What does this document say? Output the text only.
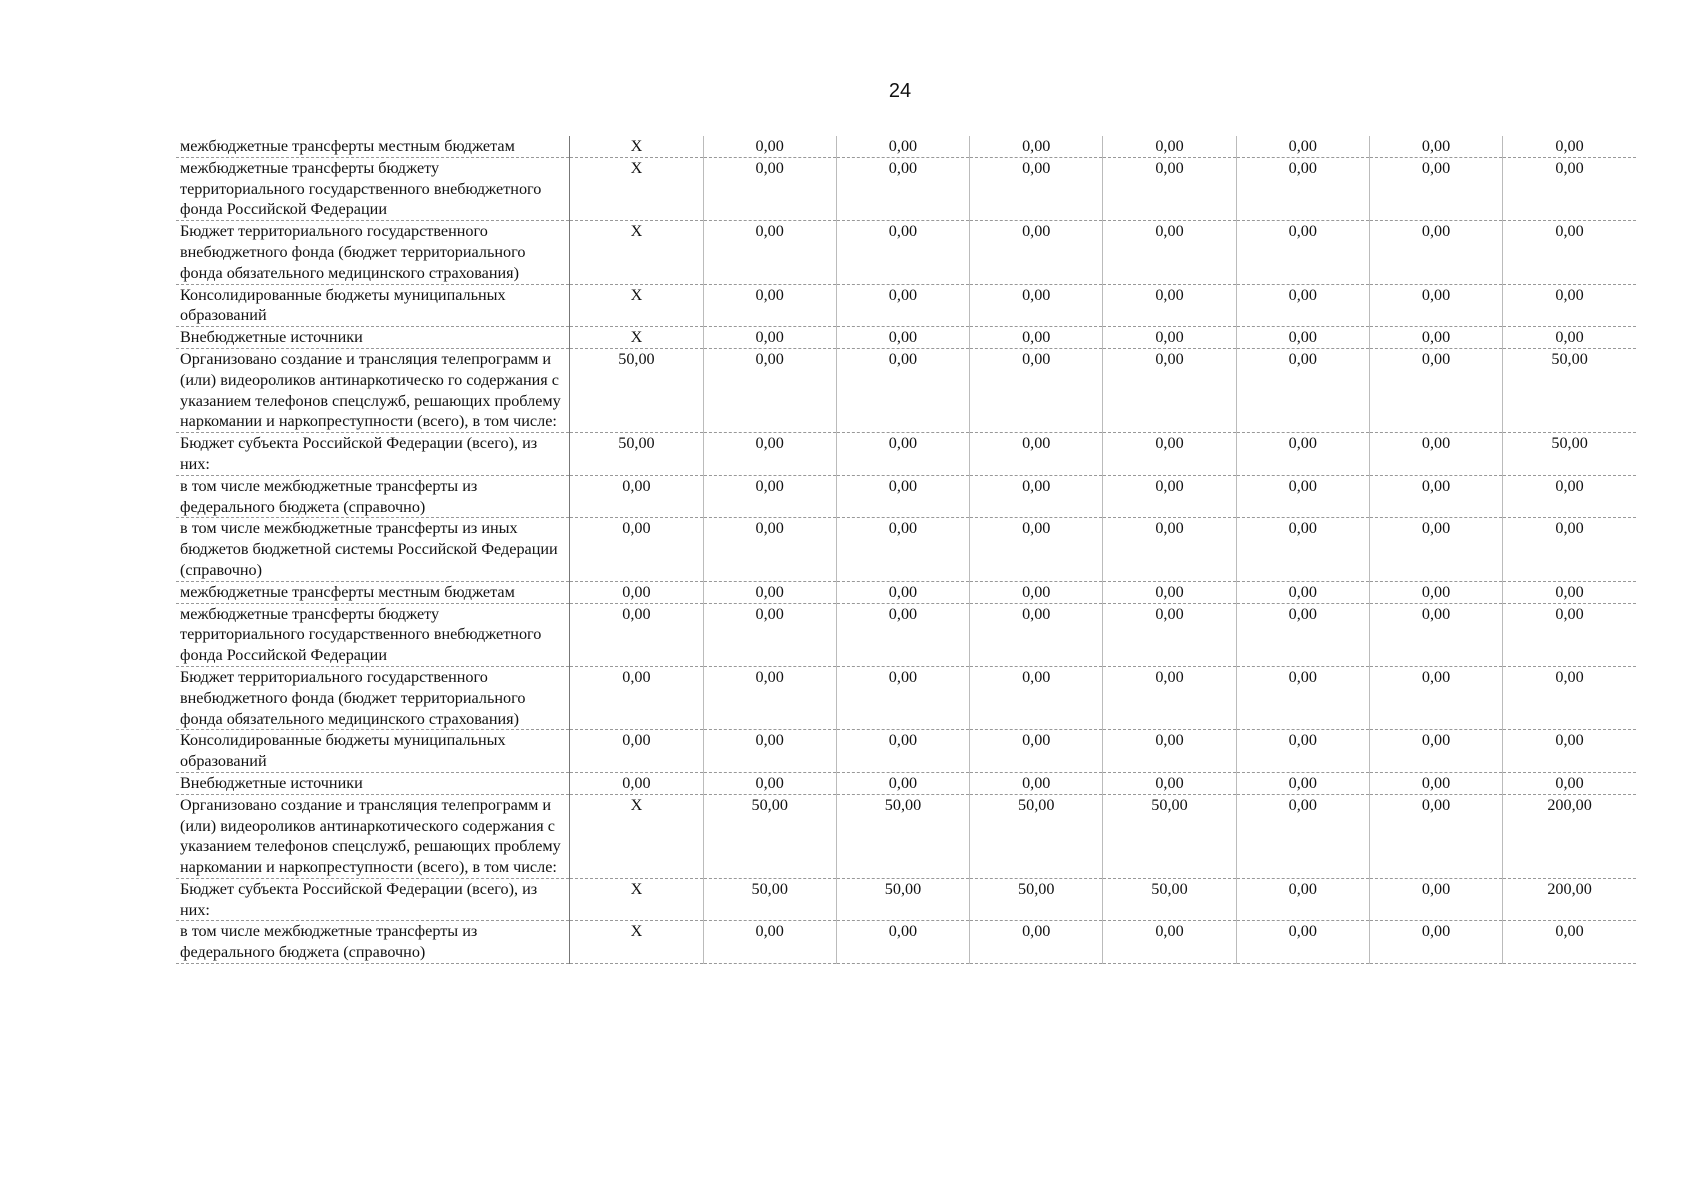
24
межбюджетные трансферты местным бюджетам	X	0,00	0,00	0,00	0,00	0,00	0,00	0,00
межбюджетные трансферты бюджету территориального государственного внебюджетного фонда Российской Федерации	X	0,00	0,00	0,00	0,00	0,00	0,00	0,00
Бюджет территориального государственного внебюджетного фонда (бюджет территориального фонда обязательного медицинского страхования)	X	0,00	0,00	0,00	0,00	0,00	0,00	0,00
Консолидированные бюджеты муниципальных образований	X	0,00	0,00	0,00	0,00	0,00	0,00	0,00
Внебюджетные источники	X	0,00	0,00	0,00	0,00	0,00	0,00	0,00
Организовано создание и трансляция телепрограмм и (или) видеороликов антинаркотическо го содержания с указанием телефонов спецслужб, решающих проблему наркомании и наркопреступности (всего), в том числе:	50,00	0,00	0,00	0,00	0,00	0,00	0,00	50,00
Бюджет субъекта Российской Федерации (всего), из них:	50,00	0,00	0,00	0,00	0,00	0,00	0,00	50,00
в том числе межбюджетные трансферты из федерального бюджета (справочно)	0,00	0,00	0,00	0,00	0,00	0,00	0,00	0,00
в том числе межбюджетные трансферты из иных бюджетов бюджетной системы Российской Федерации (справочно)	0,00	0,00	0,00	0,00	0,00	0,00	0,00	0,00
межбюджетные трансферты местным бюджетам	0,00	0,00	0,00	0,00	0,00	0,00	0,00	0,00
межбюджетные трансферты бюджету территориального государственного внебюджетного фонда Российской Федерации	0,00	0,00	0,00	0,00	0,00	0,00	0,00	0,00
Бюджет территориального государственного внебюджетного фонда (бюджет территориального фонда обязательного медицинского страхования)	0,00	0,00	0,00	0,00	0,00	0,00	0,00	0,00
Консолидированные бюджеты муниципальных образований	0,00	0,00	0,00	0,00	0,00	0,00	0,00	0,00
Внебюджетные источники	0,00	0,00	0,00	0,00	0,00	0,00	0,00	0,00
Организовано создание и трансляция телепрограмм и (или) видеороликов антинаркотического содержания с указанием телефонов спецслужб, решающих проблему наркомании и наркопреступности (всего), в том числе:	X	50,00	50,00	50,00	50,00	0,00	0,00	200,00
Бюджет субъекта Российской Федерации (всего), из них:	X	50,00	50,00	50,00	50,00	0,00	0,00	200,00
в том числе межбюджетные трансферты из федерального бюджета (справочно)	X	0,00	0,00	0,00	0,00	0,00	0,00	0,00
